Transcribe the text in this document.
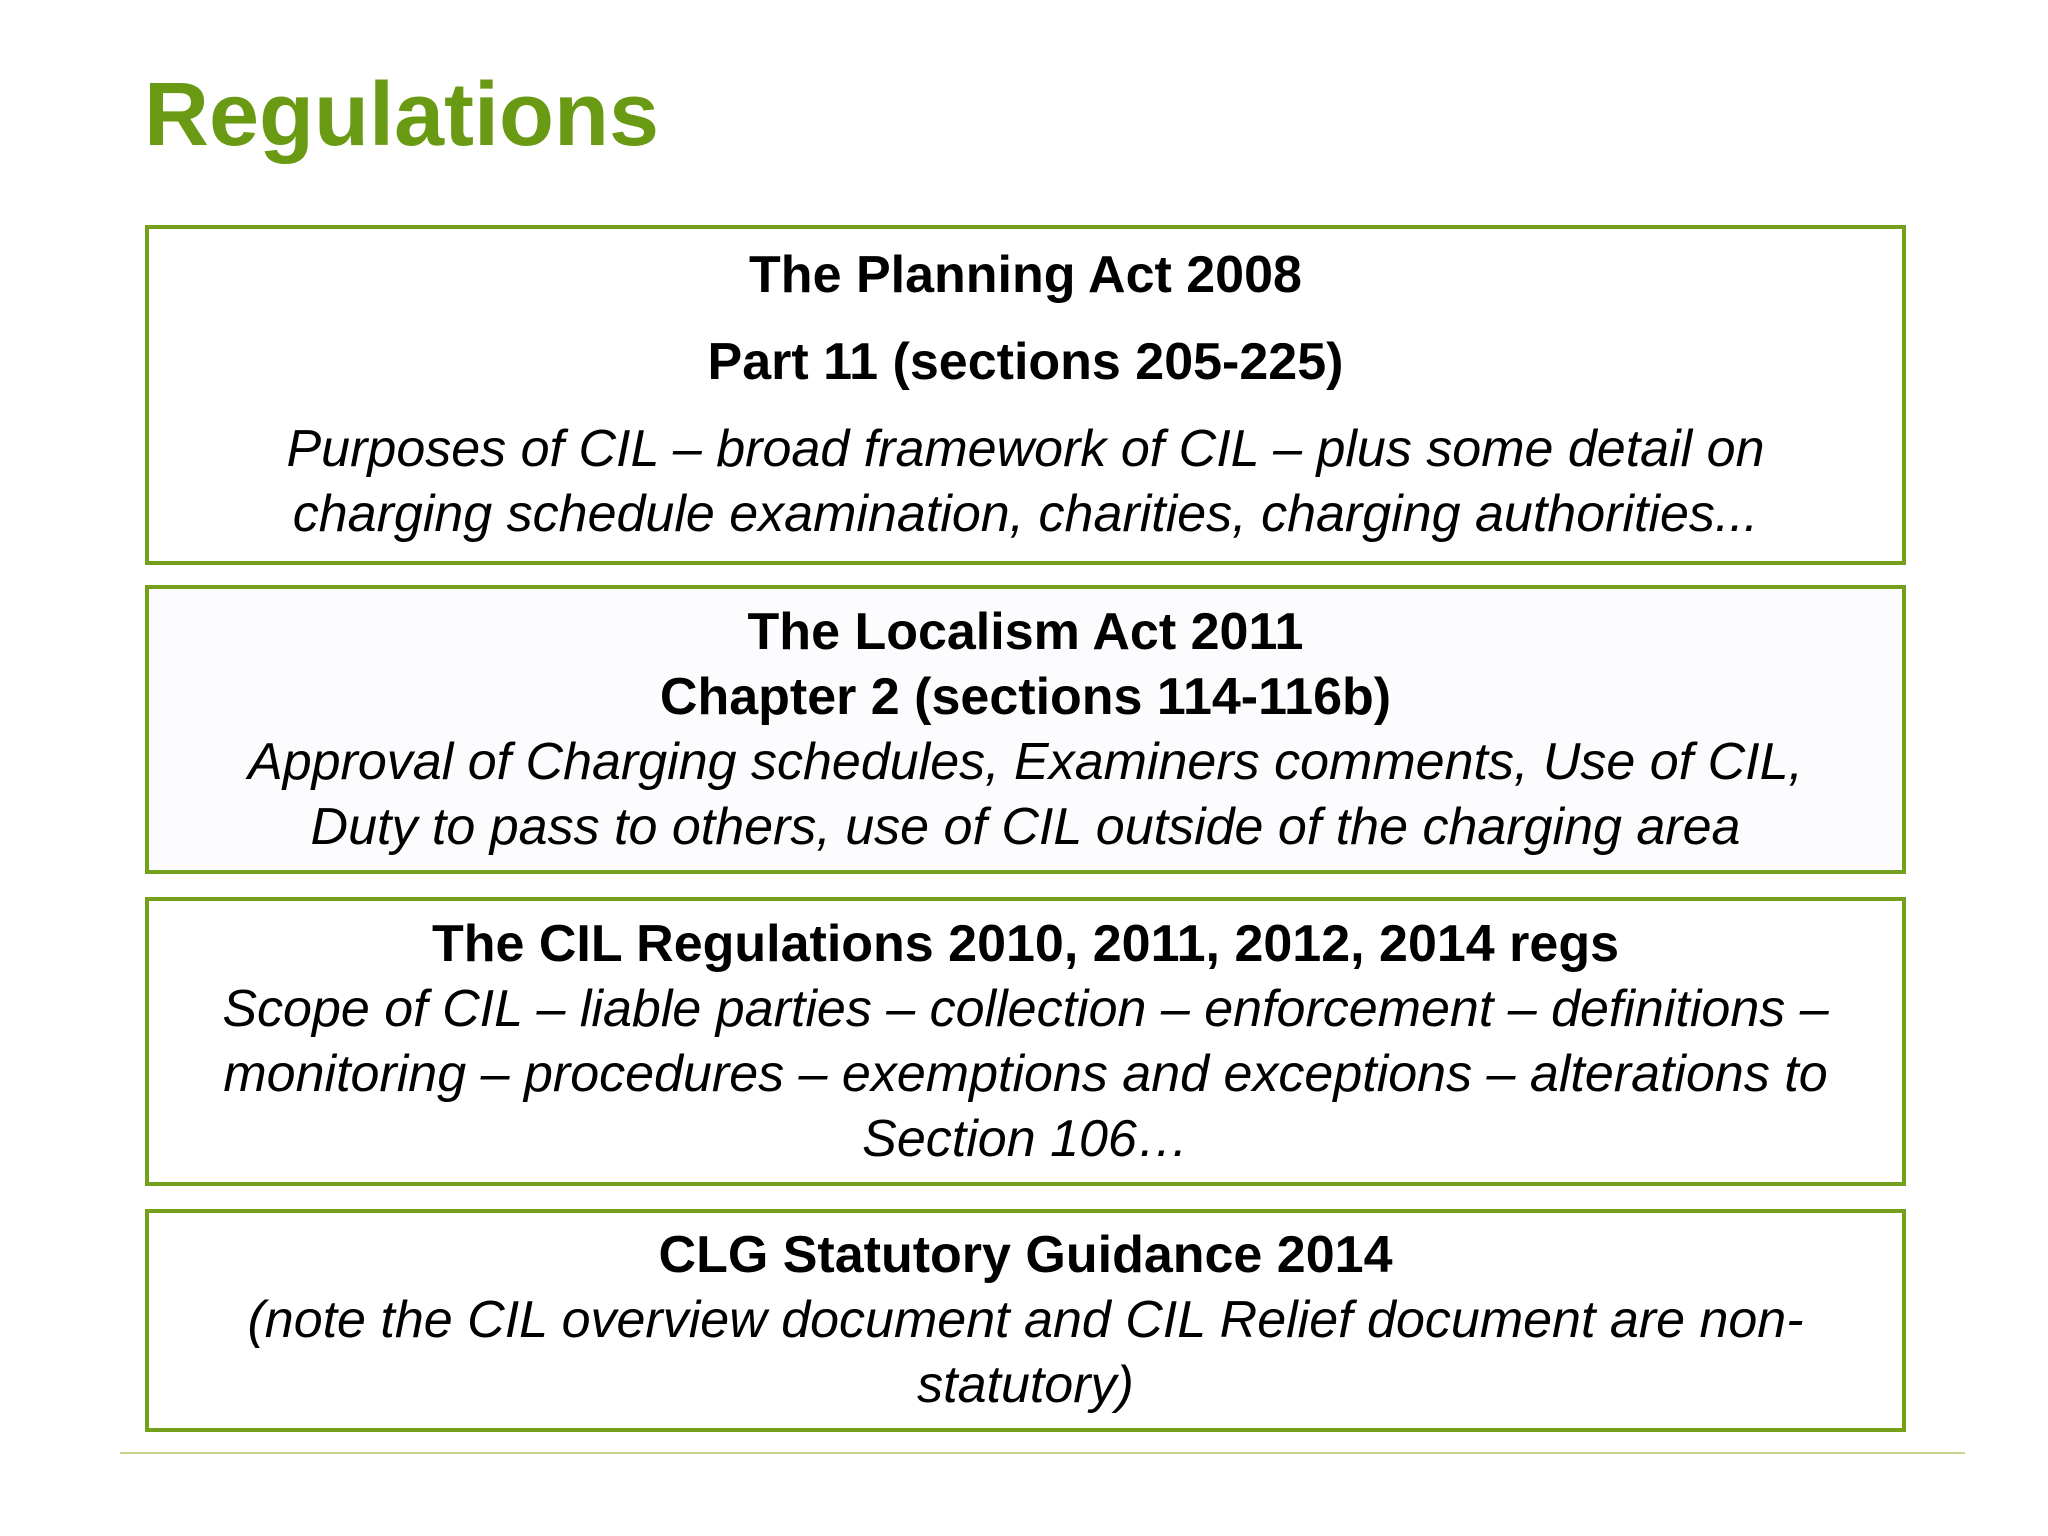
Regulations

The Planning Act 2008

Part 11 (sections 205-225)

Purposes of CIL – broad framework of CIL – plus some detail on

charging schedule examination, charities, charging authorities...

The Localism Act 2011

Chapter 2 (sections 114-116b)

Approval of Charging schedules, Examiners comments, Use of CIL,

Duty to pass to others, use of CIL outside of the charging area

The CIL Regulations 2010, 2011, 2012, 2014 regs

Scope of CIL – liable parties – collection – enforcement – definitions –

monitoring – procedures – exemptions and exceptions – alterations to

Section 106…

CLG Statutory Guidance 2014

(note the CIL overview document and CIL Relief document are non-

statutory)
